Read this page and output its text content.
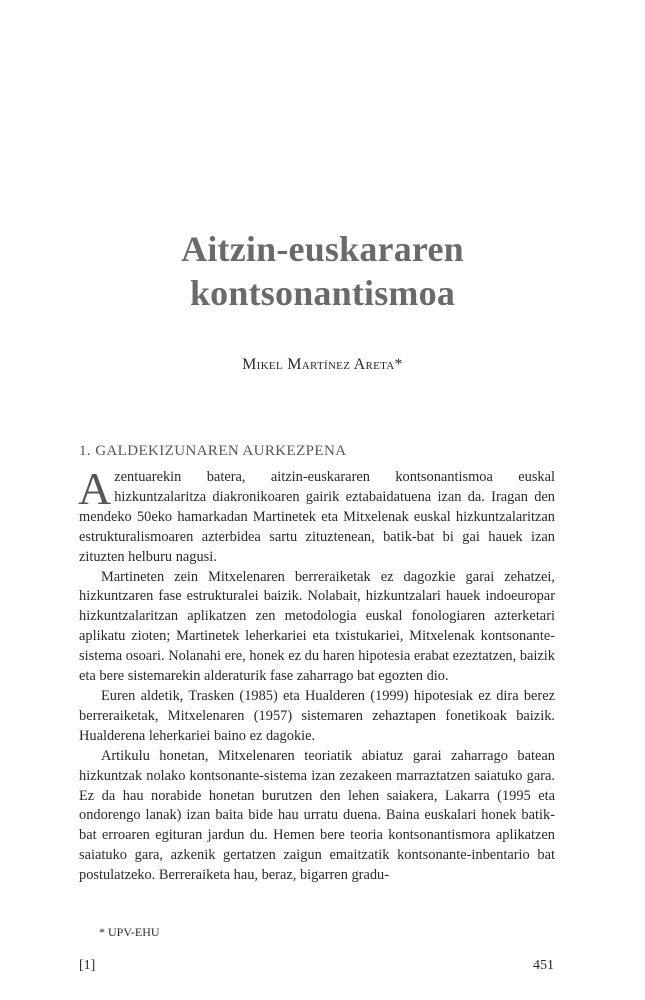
Aitzin-euskararen
kontsonantismoa
Mikel Martínez Areta*
1. GALDEKIZUNAREN AURKEZPENA

Azentuarekin batera, aitzin-euskararen kontsonantismoa euskal hizkuntzalaritza diakronikoaren gairik eztabaidatuena izan da. Iragan den mendeko 50eko hamarkadan Martinetek eta Mitxelenak euskal hizkuntzalaritzan estrukturalismoaren azterbidea sartu zituztenean, batik-bat bi gai hauek izan zituzten helburu nagusi.

Martineten zein Mitxelenaren berreraiketak ez dagozkie garai zehatzei, hizkuntzaren fase estrukturalei baizik. Nolabait, hizkuntzalari hauek indoeuropar hizkuntzalaritzan aplikatzen zen metodologia euskal fonologiaren azterketari aplikatu zioten; Martinetek leherkariei eta txistukariei, Mitxelenak kontsonante-sistema osoari. Nolanahi ere, honek ez du haren hipotesia erabat ezeztatzen, baizik eta bere sistemarekin alderaturik fase zaharrago bat egozten dio.

Euren aldetik, Trasken (1985) eta Hualderen (1999) hipotesiak ez dira berez berreraiketak, Mitxelenaren (1957) sistemaren zehaztapen fonetikoak baizik. Hualderena leherkariei baino ez dagokie.

Artikulu honetan, Mitxelenaren teoriatik abiatuz garai zaharrago batean hizkuntzak nolako kontsonante-sistema izan zezakeen marraztatzen saiatuko gara. Ez da hau norabide honetan burutzen den lehen saiakera, Lakarra (1995 eta ondorengo lanak) izan baita bide hau urratu duena. Baina euskalari honek batik-bat erroaren egituran jardun du. Hemen bere teoria kontsonantismora aplikatzen saiatuko gara, azkenik gertatzen zaigun emaitzatik kontsonante-inbentario bat postulatzeko. Berreraiketa hau, beraz, bigarren gradu-

* UPV-EHU
[1]	451
